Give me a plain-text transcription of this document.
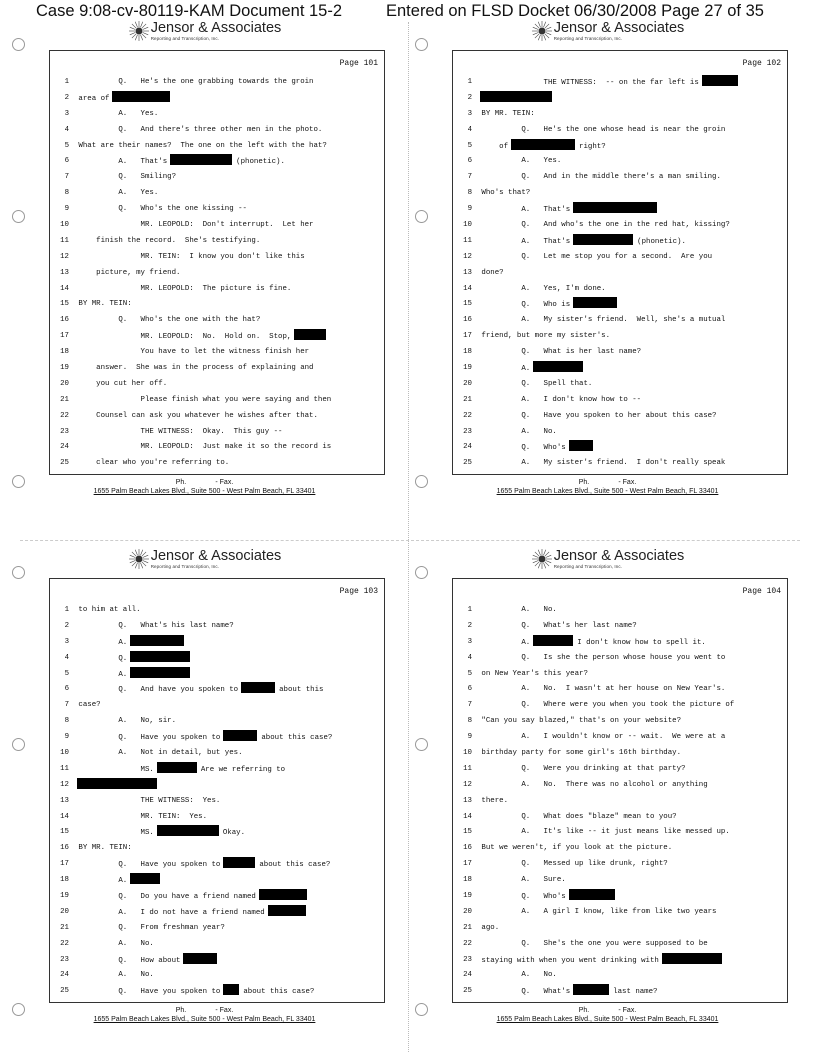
Case 9:08-cv-80119-KAM Document 15-2	Entered on FLSD Docket 06/30/2008 Page 27 of 35
Jensor & Associates
Reporting and Transcription, Inc.
Page 101
1 Q.   He's the one grabbing towards the groin
2 area of
3 A.   Yes.
4 Q.   And there's three other men in the photo.
5 What are their names?  The one on the left with the hat?
6 A.   That's	(phonetic).
7 Q.   Smiling?
8 A.   Yes.
9 Q.   Who's the one kissing --
10 MR. LEOPOLD:  Don't interrupt.  Let her
11 finish the record.  She's testifying.
12 MR. TEIN:  I know you don't like this
13 picture, my friend.
14 MR. LEOPOLD:  The picture is fine.
15 BY MR. TEIN:
16 Q.   Who's the one with the hat?
17 MR. LEOPOLD:  No.  Hold on.  Stop,
18 You have to let the witness finish her
19 answer.  She was in the process of explaining and
20 you cut her off.
21 Please finish what you were saying and then
22 Counsel can ask you whatever he wishes after that.
23 THE WITNESS:  Okay.  This guy --
24 MR. LEOPOLD:  Just make it so the record is
25 clear who you're referring to.
Ph.               - Fax.
1655 Palm Beach Lakes Blvd., Suite 500 - West Palm Beach, FL 33401
Jensor & Associates
Reporting and Transcription, Inc.
Page 102
1 THE WITNESS:  -- on the far left is
2
3 BY MR. TEIN:
4 Q.   He's the one whose head is near the groin
5 of	right?
6 A.   Yes.
7 Q.   And in the middle there's a man smiling.
8 Who's that?
9 A.   That's
10 Q.   And who's the one in the red hat, kissing?
11 A.   That's	(phonetic).
12 Q.   Let me stop you for a second.  Are you
13 done?
14 A.   Yes, I'm done.
15 Q.   Who is
16 A.   My sister's friend.  Well, she's a mutual
17 friend, but more my sister's.
18 Q.   What is her last name?
19 A.
20 Q.   Spell that.
21 A.   I don't know how to --
22 Q.   Have you spoken to her about this case?
23 A.   No.
24 Q.   Who's
25 A.   My sister's friend.  I don't really speak
Ph.               - Fax.
1655 Palm Beach Lakes Blvd., Suite 500 - West Palm Beach, FL 33401
Jensor & Associates
Reporting and Transcription, Inc.
Page 103
1 to him at all.
2 Q.   What's his last name?
3 A.
4 Q.
5 A.
6 Q.   And have you spoken to	about this
7 case?
8 A.   No, sir.
9 Q.   Have you spoken to	about this case?
10 A.   Not in detail, but yes.
11 MS.	Are we referring to
12
13 THE WITNESS:  Yes.
14 MR. TEIN:  Yes.
15 MS.	Okay.
16 BY MR. TEIN:
17 Q.   Have you spoken to	about this case?
18 A.
19 Q.   Do you have a friend named
20 A.   I do not have a friend named
21 Q.   From freshman year?
22 A.   No.
23 Q.   How about
24 A.   No.
25 Q.   Have you spoken to	about this case?
Ph.               - Fax.
1655 Palm Beach Lakes Blvd., Suite 500 - West Palm Beach, FL 33401
Jensor & Associates
Reporting and Transcription, Inc.
Page 104
1 A.   No.
2 Q.   What's her last name?
3 A.	I don't know how to spell it.
4 Q.   Is she the person whose house you went to
5 on New Year's this year?
6 A.   No.  I wasn't at her house on New Year's.
7 Q.   Where were you when you took the picture of
8 "Can you say blazed," that's on your website?
9 A.   I wouldn't know or -- wait.  We were at a
10 birthday party for some girl's 16th birthday.
11 Q.   Were you drinking at that party?
12 A.   No.  There was no alcohol or anything
13 there.
14 Q.   What does "blaze" mean to you?
15 A.   It's like -- it just means like messed up.
16 But we weren't, if you look at the picture.
17 Q.   Messed up like drunk, right?
18 A.   Sure.
19 Q.   Who's
20 A.   A girl I know, like from like two years
21 ago.
22 Q.   She's the one you were supposed to be
23 staying with when you went drinking with
24 A.   No.
25 Q.   What's	last name?
Ph.               - Fax.
1655 Palm Beach Lakes Blvd., Suite 500 - West Palm Beach, FL 33401
